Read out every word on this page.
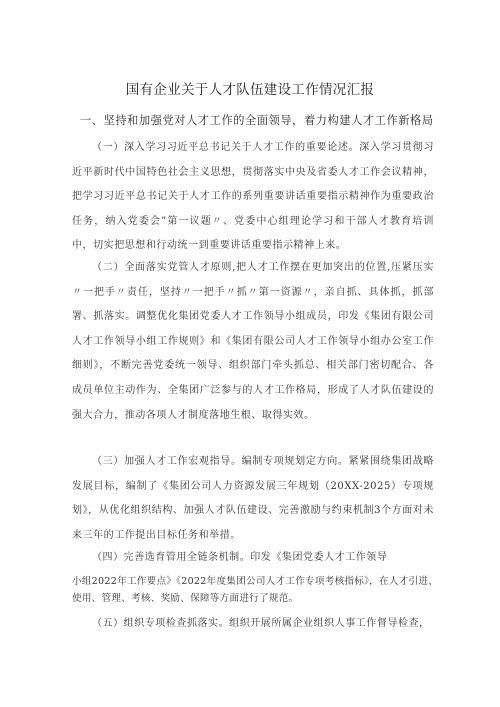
国有企业关于人才队伍建设工作情况汇报
一、坚持和加强党对人才工作的全面领导，着力构建人才工作新格局

（一）深入学习习近平总书记关于人才工作的重要论述。深入学习贯彻习近平新时代中国特色社会主义思想，贯彻落实中央及省委人才工作会议精神，把学习习近平总书记关于人才工作的系列重要讲话重要指示精神作为重要政治任务，纳入党委会”第一议题〃、党委中心组理论学习和干部人才教育培训中，切实把思想和行动统一到重要讲话重要指示精神上来。

（二）全面落实党管人才原则,把人才工作摆在更加突出的位置,压紧压实〃一把手〃责任，坚持〃一把手〃抓〃第一资源〃，亲自抓、具体抓，抓部署、抓落实。调整优化集团党委人才工作领导小组成员，印发《集团有限公司人才工作领导小组工作规则》和《集团有限公司人才工作领导小组办公室工作细则》，不断完善党委统一领导、组织部门牵头抓总、相关部门密切配合、各成员单位主动作为、全集团广泛参与的人才工作格局，形成了人才队伍建设的强大合力，推动各项人才制度落地生根、取得实效。

（三）加强人才工作宏观指导。编制专项规划定方向。紧紧围绕集团战略发展目标，编制了《集团公司人力资源发展三年规划（20XX-2025）专项规划》，从优化组织结构、加强人才队伍建设、完善激励与约束机制3个方面对未来三年的工作提出目标任务和举措。

（四）完善选育管用全链条机制。印发《集团党委人才工作领导

小组2022年工作要点》《2022年度集团公司人才工作专项考核指标》，在人才引进、使用、管理、考核、奖励、保障等方面进行了规范。

（五）组织专项检查抓落实。组织开展所属企业组织人事工作督导检查，
